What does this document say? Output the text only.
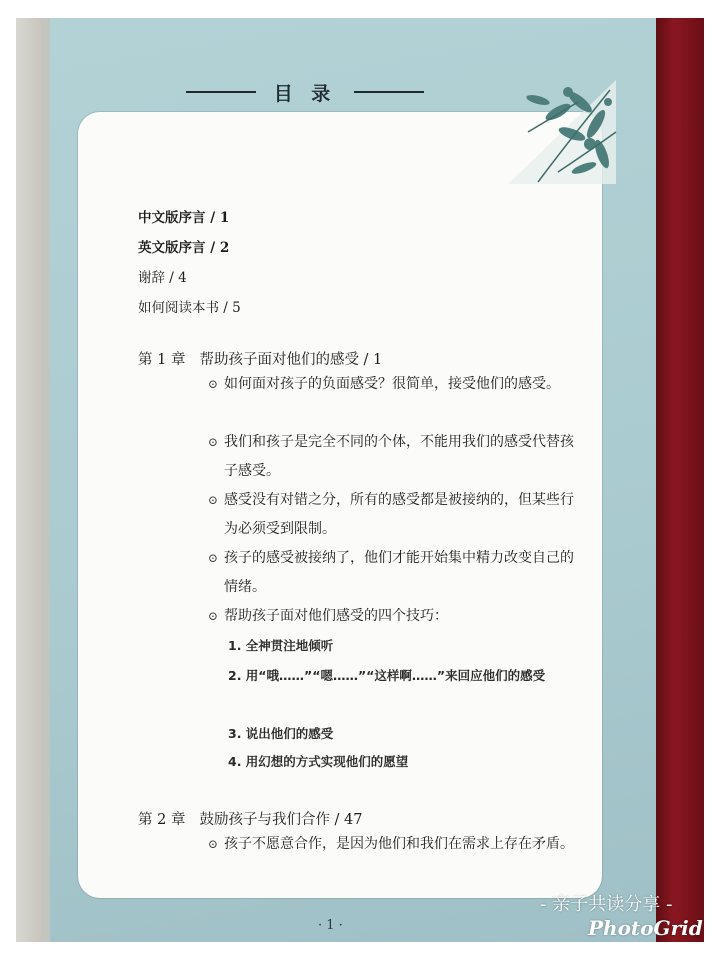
目 录
中文版序言 / 1
英文版序言 / 2
谢辞 / 4
如何阅读本书 / 5
第 1 章 帮助孩子面对他们的感受 / 1
⊙ 如何面对孩子的负面感受？很简单，接受他们的感受。
⊙ 我们和孩子是完全不同的个体，不能用我们的感受代替孩子感受。
⊙ 感受没有对错之分，所有的感受都是被接纳的，但某些行为必须受到限制。
⊙ 孩子的感受被接纳了，他们才能开始集中精力改变自己的情绪。
⊙ 帮助孩子面对他们感受的四个技巧：
1. 全神贯注地倾听
2. 用“哦……”“嗯……”“这样啊……”来回应他们的感受
3. 说出他们的感受
4. 用幻想的方式实现他们的愿望
第 2 章 鼓励孩子与我们合作 / 47
⊙ 孩子不愿意合作，是因为他们和我们在需求上存在矛盾。
· 1 ·
- 亲子共读分享 -
PhotoGrid
